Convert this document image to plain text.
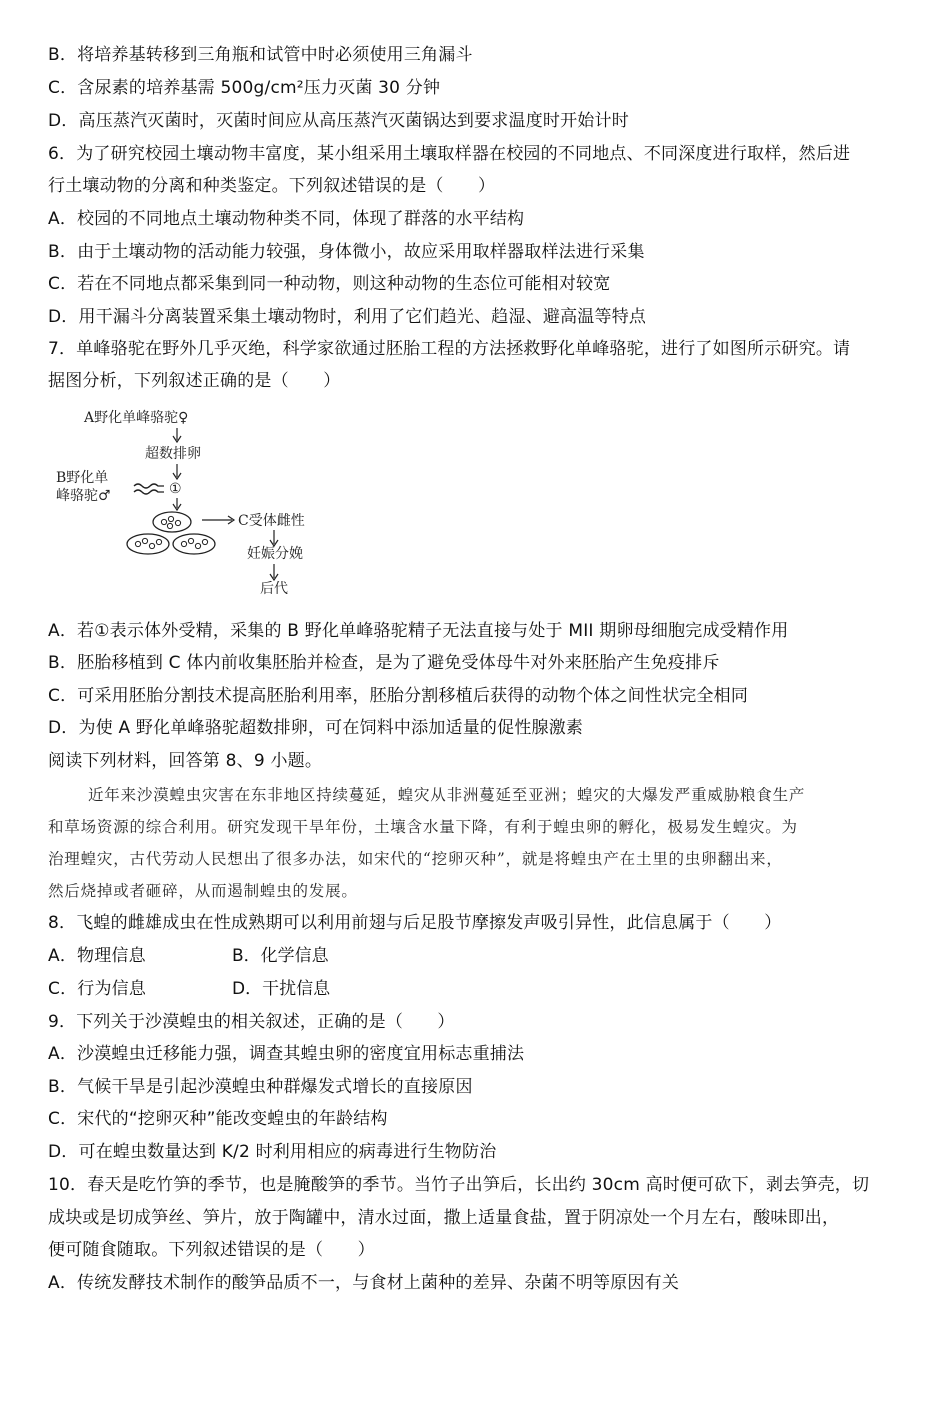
B．将培养基转移到三角瓶和试管中时必须使用三角漏斗
C．含尿素的培养基需 500g/cm²压力灭菌 30 分钟
D．高压蒸汽灭菌时，灭菌时间应从高压蒸汽灭菌锅达到要求温度时开始计时
6．为了研究校园土壤动物丰富度，某小组采用土壤取样器在校园的不同地点、不同深度进行取样，然后进
行土壤动物的分离和种类鉴定。下列叙述错误的是（　　）
A．校园的不同地点土壤动物种类不同，体现了群落的水平结构
B．由于土壤动物的活动能力较强，身体微小，故应采用取样器取样法进行采集
C．若在不同地点都采集到同一种动物，则这种动物的生态位可能相对较宽
D．用干漏斗分离装置采集土壤动物时，利用了它们趋光、趋湿、避高温等特点
7．单峰骆驼在野外几乎灭绝，科学家欲通过胚胎工程的方法拯救野化单峰骆驼，进行了如图所示研究。请
据图分析，下列叙述正确的是（　　）
A野化单峰骆驼♀
超数排卵
B野化单
峰骆驼♂	①
C受体雌性
妊娠分娩
后代
A．若①表示体外受精，采集的 B 野化单峰骆驼精子无法直接与处于 MII 期卵母细胞完成受精作用
B．胚胎移植到 C 体内前收集胚胎并检查，是为了避免受体母牛对外来胚胎产生免疫排斥
C．可采用胚胎分割技术提高胚胎利用率，胚胎分割移植后获得的动物个体之间性状完全相同
D．为使 A 野化单峰骆驼超数排卵，可在饲料中添加适量的促性腺激素
阅读下列材料，回答第 8、9 小题。
近年来沙漠蝗虫灾害在东非地区持续蔓延，蝗灾从非洲蔓延至亚洲；蝗灾的大爆发严重威胁粮食生产
和草场资源的综合利用。研究发现干旱年份，土壤含水量下降，有利于蝗虫卵的孵化，极易发生蝗灾。为
治理蝗灾，古代劳动人民想出了很多办法，如宋代的“挖卵灭种”，就是将蝗虫产在土里的虫卵翻出来，
然后烧掉或者砸碎，从而遏制蝗虫的发展。
8．飞蝗的雌雄成虫在性成熟期可以利用前翅与后足股节摩擦发声吸引异性，此信息属于（　　）
A．物理信息	B．化学信息
C．行为信息	D．干扰信息
9．下列关于沙漠蝗虫的相关叙述，正确的是（　　）
A．沙漠蝗虫迁移能力强，调查其蝗虫卵的密度宜用标志重捕法
B．气候干旱是引起沙漠蝗虫种群爆发式增长的直接原因
C．宋代的“挖卵灭种”能改变蝗虫的年龄结构
D．可在蝗虫数量达到 K/2 时利用相应的病毒进行生物防治
10．春天是吃竹笋的季节，也是腌酸笋的季节。当竹子出笋后，长出约 30cm 高时便可砍下，剥去笋壳，切
成块或是切成笋丝、笋片，放于陶罐中，清水过面，撒上适量食盐，置于阴凉处一个月左右，酸味即出，
便可随食随取。下列叙述错误的是（　　）
A．传统发酵技术制作的酸笋品质不一，与食材上菌种的差异、杂菌不明等原因有关
